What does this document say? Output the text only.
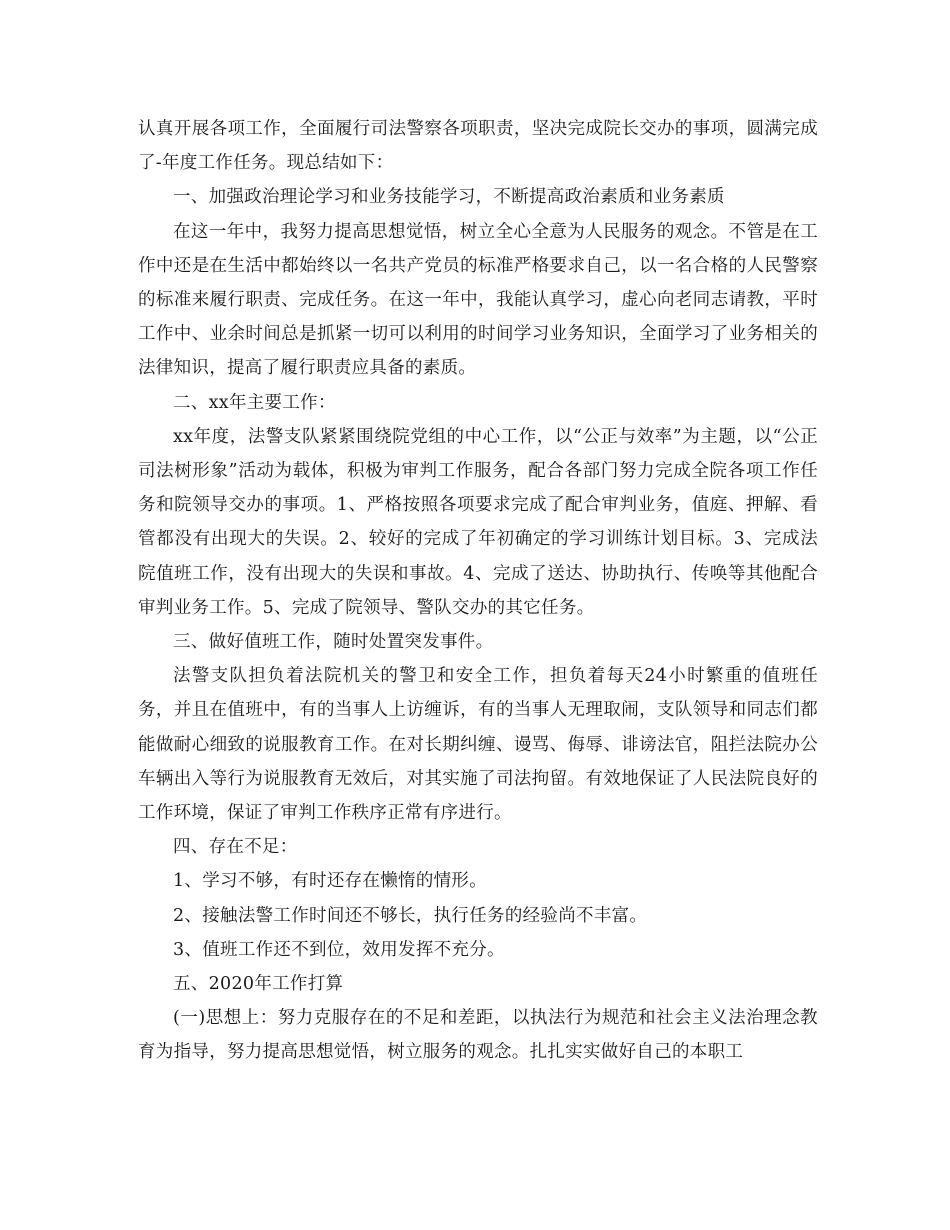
认真开展各项工作，全面履行司法警察各项职责，坚决完成院长交办的事项，圆满完成了-年度工作任务。现总结如下：

一、加强政治理论学习和业务技能学习，不断提高政治素质和业务素质

在这一年中，我努力提高思想觉悟，树立全心全意为人民服务的观念。不管是在工作中还是在生活中都始终以一名共产党员的标准严格要求自己，以一名合格的人民警察的标准来履行职责、完成任务。在这一年中，我能认真学习，虚心向老同志请教，平时工作中、业余时间总是抓紧一切可以利用的时间学习业务知识，全面学习了业务相关的法律知识，提高了履行职责应具备的素质。

二、xx年主要工作：

xx年度，法警支队紧紧围绕院党组的中心工作，以“公正与效率”为主题，以“公正司法树形象”活动为载体，积极为审判工作服务，配合各部门努力完成全院各项工作任务和院领导交办的事项。1、严格按照各项要求完成了配合审判业务，值庭、押解、看管都没有出现大的失误。2、较好的完成了年初确定的学习训练计划目标。3、完成法院值班工作，没有出现大的失误和事故。4、完成了送达、协助执行、传唤等其他配合审判业务工作。5、完成了院领导、警队交办的其它任务。

三、做好值班工作，随时处置突发事件。

法警支队担负着法院机关的警卫和安全工作，担负着每天24小时繁重的值班任务，并且在值班中，有的当事人上访缠诉，有的当事人无理取闹，支队领导和同志们都能做耐心细致的说服教育工作。在对长期纠缠、谩骂、侮辱、诽谤法官，阻拦法院办公车辆出入等行为说服教育无效后，对其实施了司法拘留。有效地保证了人民法院良好的工作环境，保证了审判工作秩序正常有序进行。

四、存在不足：

1、学习不够，有时还存在懒惰的情形。

2、接触法警工作时间还不够长，执行任务的经验尚不丰富。

3、值班工作还不到位，效用发挥不充分。

五、2020年工作打算

(一)思想上：努力克服存在的不足和差距，以执法行为规范和社会主义法治理念教育为指导，努力提高思想觉悟，树立服务的观念。扎扎实实做好自己的本职工
